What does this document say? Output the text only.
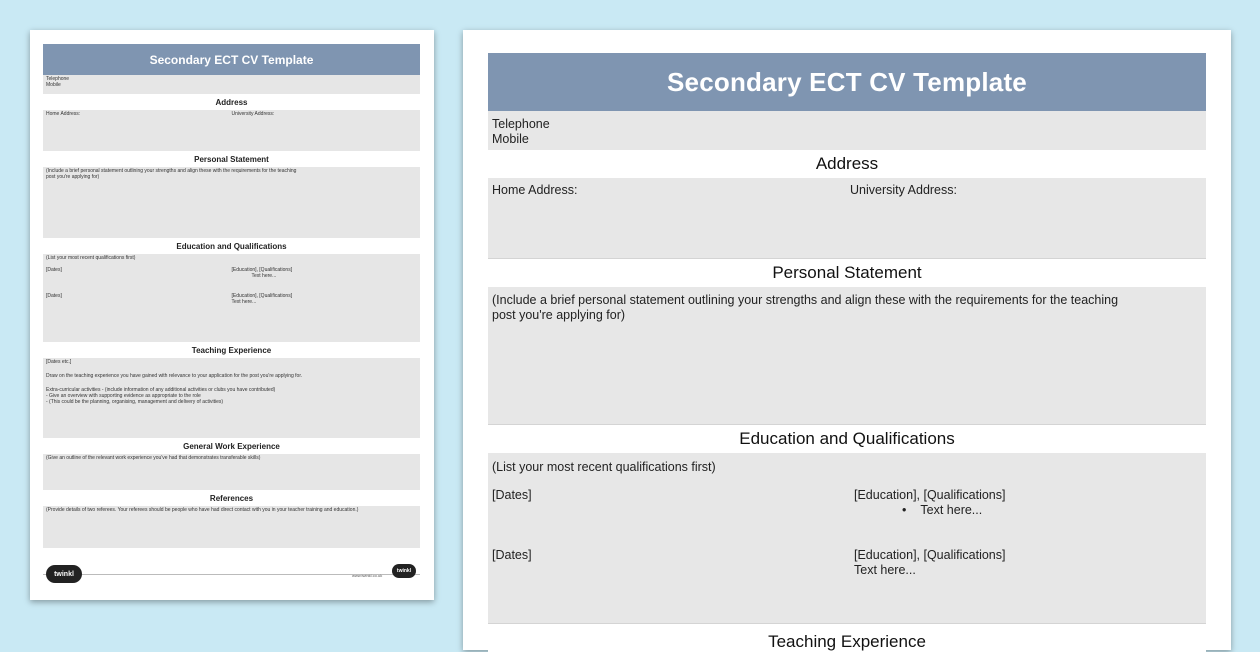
Secondary ECT CV Template
Telephone
Mobile
Address
Home Address:	University Address:
Personal Statement
(Include a brief personal statement outlining your strengths and align these with the requirements for the teaching
post you're applying for)
Education and Qualifications
(List your most recent qualifications first)
[Dates]	[Education], [Qualifications]
Text here...
[Dates]	[Education], [Qualifications]
Text here...
Teaching Experience
[Dates etc.]
Draw on the teaching experience you have gained with relevance to your application for the post you're applying for.
Extra-curricular activities - (include information of any additional activities or clubs you have contributed)
- Give an overview with supporting evidence as appropriate to the role
- (This could be the planning, organising, management and delivery of activities)
General Work Experience
(Give an outline of the relevant work experience you've had that demonstrates transferable skills)
References
(Provide details of two referees. Your referees should be people who have had direct contact with you in your teacher training and education.)
twinkl	www.twinkl.co.uk
twinkl
Secondary ECT CV Template
Telephone
Mobile
Address
Home Address:	University Address:
Personal Statement
(Include a brief personal statement outlining your strengths and align these with the requirements for the teaching
post you're applying for)
Education and Qualifications
(List your most recent qualifications first)
[Dates]	[Education], [Qualifications]
• Text here...
[Dates]	[Education], [Qualifications]
Text here...
Teaching Experience
